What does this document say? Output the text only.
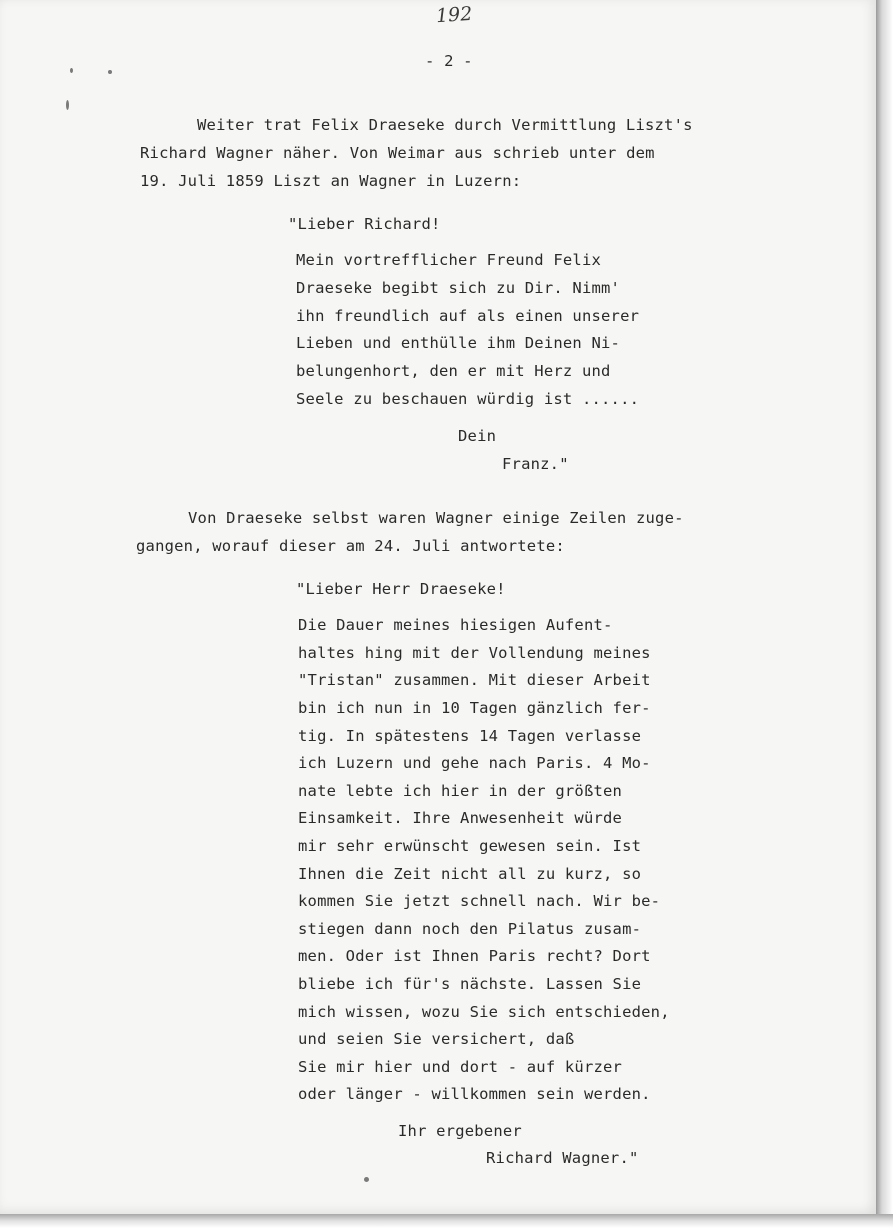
192
- 2 -
Weiter trat Felix Draeseke durch Vermittlung Liszt's
Richard Wagner näher. Von Weimar aus schrieb unter dem
19. Juli 1859 Liszt an Wagner in Luzern:
"Lieber Richard!
Mein vortrefflicher Freund Felix
Draeseke begibt sich zu Dir. Nimm'
ihn freundlich auf als einen unserer
Lieben und enthülle ihm Deinen Ni-
belungenhort, den er mit Herz und
Seele zu beschauen würdig ist ......
Dein
Franz."
Von Draeseke selbst waren Wagner einige Zeilen zuge-
gangen, worauf dieser am 24. Juli antwortete:
"Lieber Herr Draeseke!
Die Dauer meines hiesigen Aufent-
haltes hing mit der Vollendung meines
"Tristan" zusammen. Mit dieser Arbeit
bin ich nun in 10 Tagen gänzlich fer-
tig. In spätestens 14 Tagen verlasse
ich Luzern und gehe nach Paris. 4 Mo-
nate lebte ich hier in der größten
Einsamkeit. Ihre Anwesenheit würde
mir sehr erwünscht gewesen sein. Ist
Ihnen die Zeit nicht all zu kurz, so
kommen Sie jetzt schnell nach. Wir be-
stiegen dann noch den Pilatus zusam-
men. Oder ist Ihnen Paris recht? Dort
bliebe ich für's nächste. Lassen Sie
mich wissen, wozu Sie sich entschieden,
und seien Sie versichert, daß
Sie mir hier und dort - auf kürzer
oder länger - willkommen sein werden.
Ihr ergebener
Richard Wagner."
